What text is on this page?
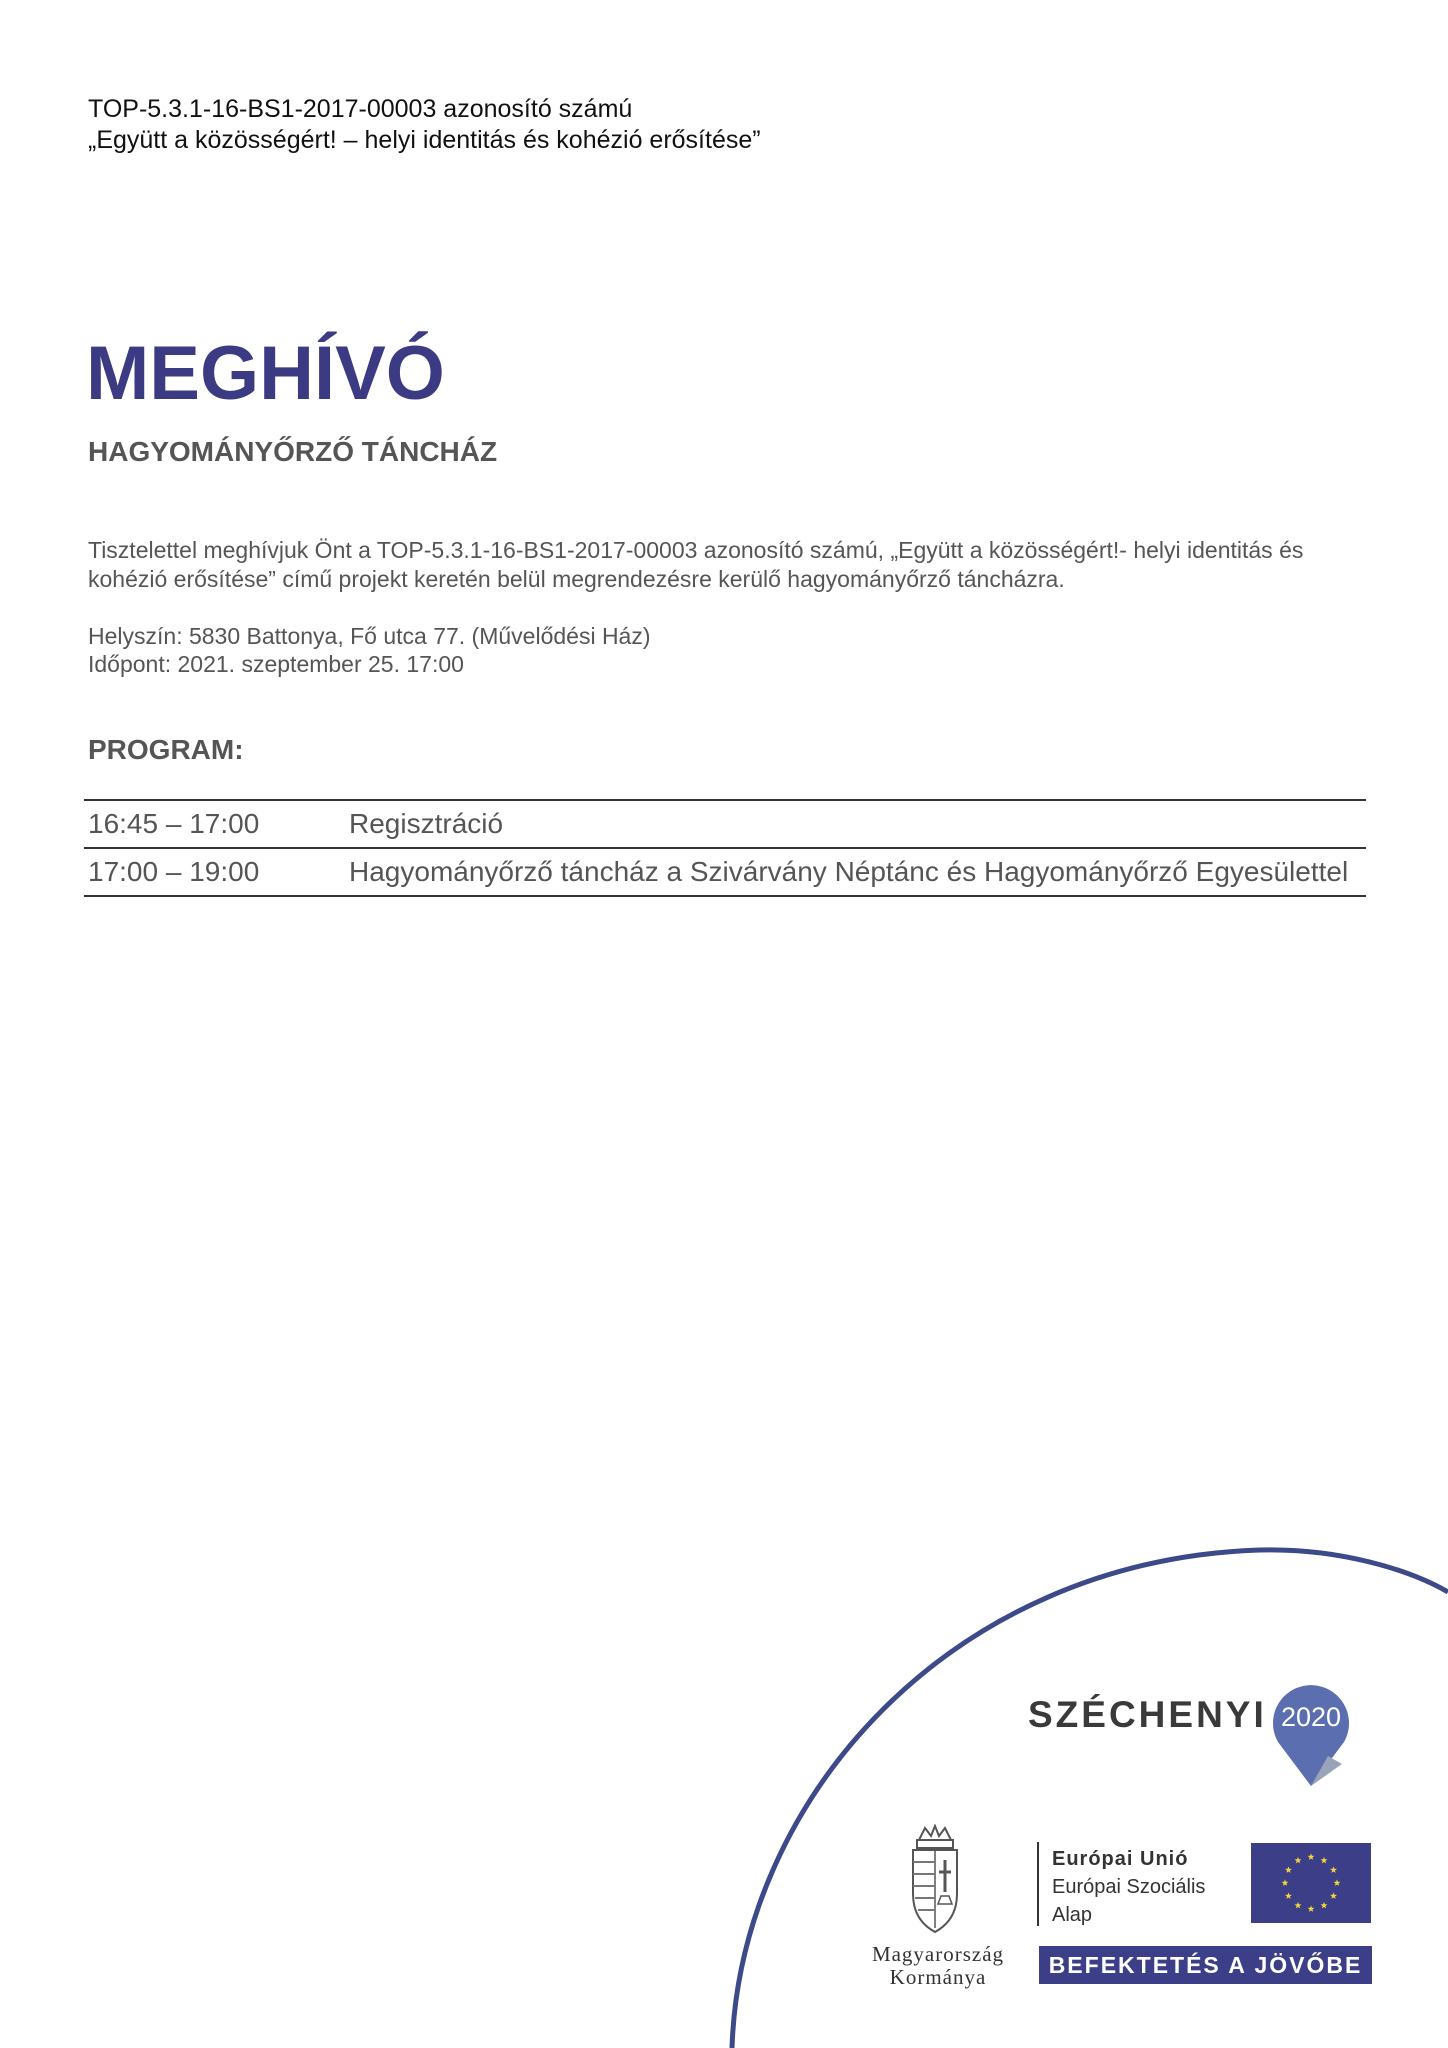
TOP-5.3.1-16-BS1-2017-00003 azonosító számú
„Együtt a közösségért! – helyi identitás és kohézió erősítése”
MEGHÍVÓ
HAGYOMÁNYŐRZŐ TÁNCHÁZ
Tisztelettel meghívjuk Önt a TOP-5.3.1-16-BS1-2017-00003 azonosító számú, „Együtt a közösségért!- helyi identitás és kohézió erősítése” című projekt keretén belül megrendezésre kerülő hagyományőrző táncházra.
Helyszín: 5830 Battonya, Fő utca 77. (Művelődési Ház)
Időpont: 2021. szeptember 25. 17:00
PROGRAM:
16:45 – 17:00	Regisztráció
17:00 – 19:00	Hagyományőrző táncház a Szivárvány Néptánc és Hagyományőrző Egyesülettel
SZÉCHENYI 2020
Magyarország
Kormánya
Európai Unió
Európai Szociális
Alap
BEFEKTETÉS A JÖVŐBE
